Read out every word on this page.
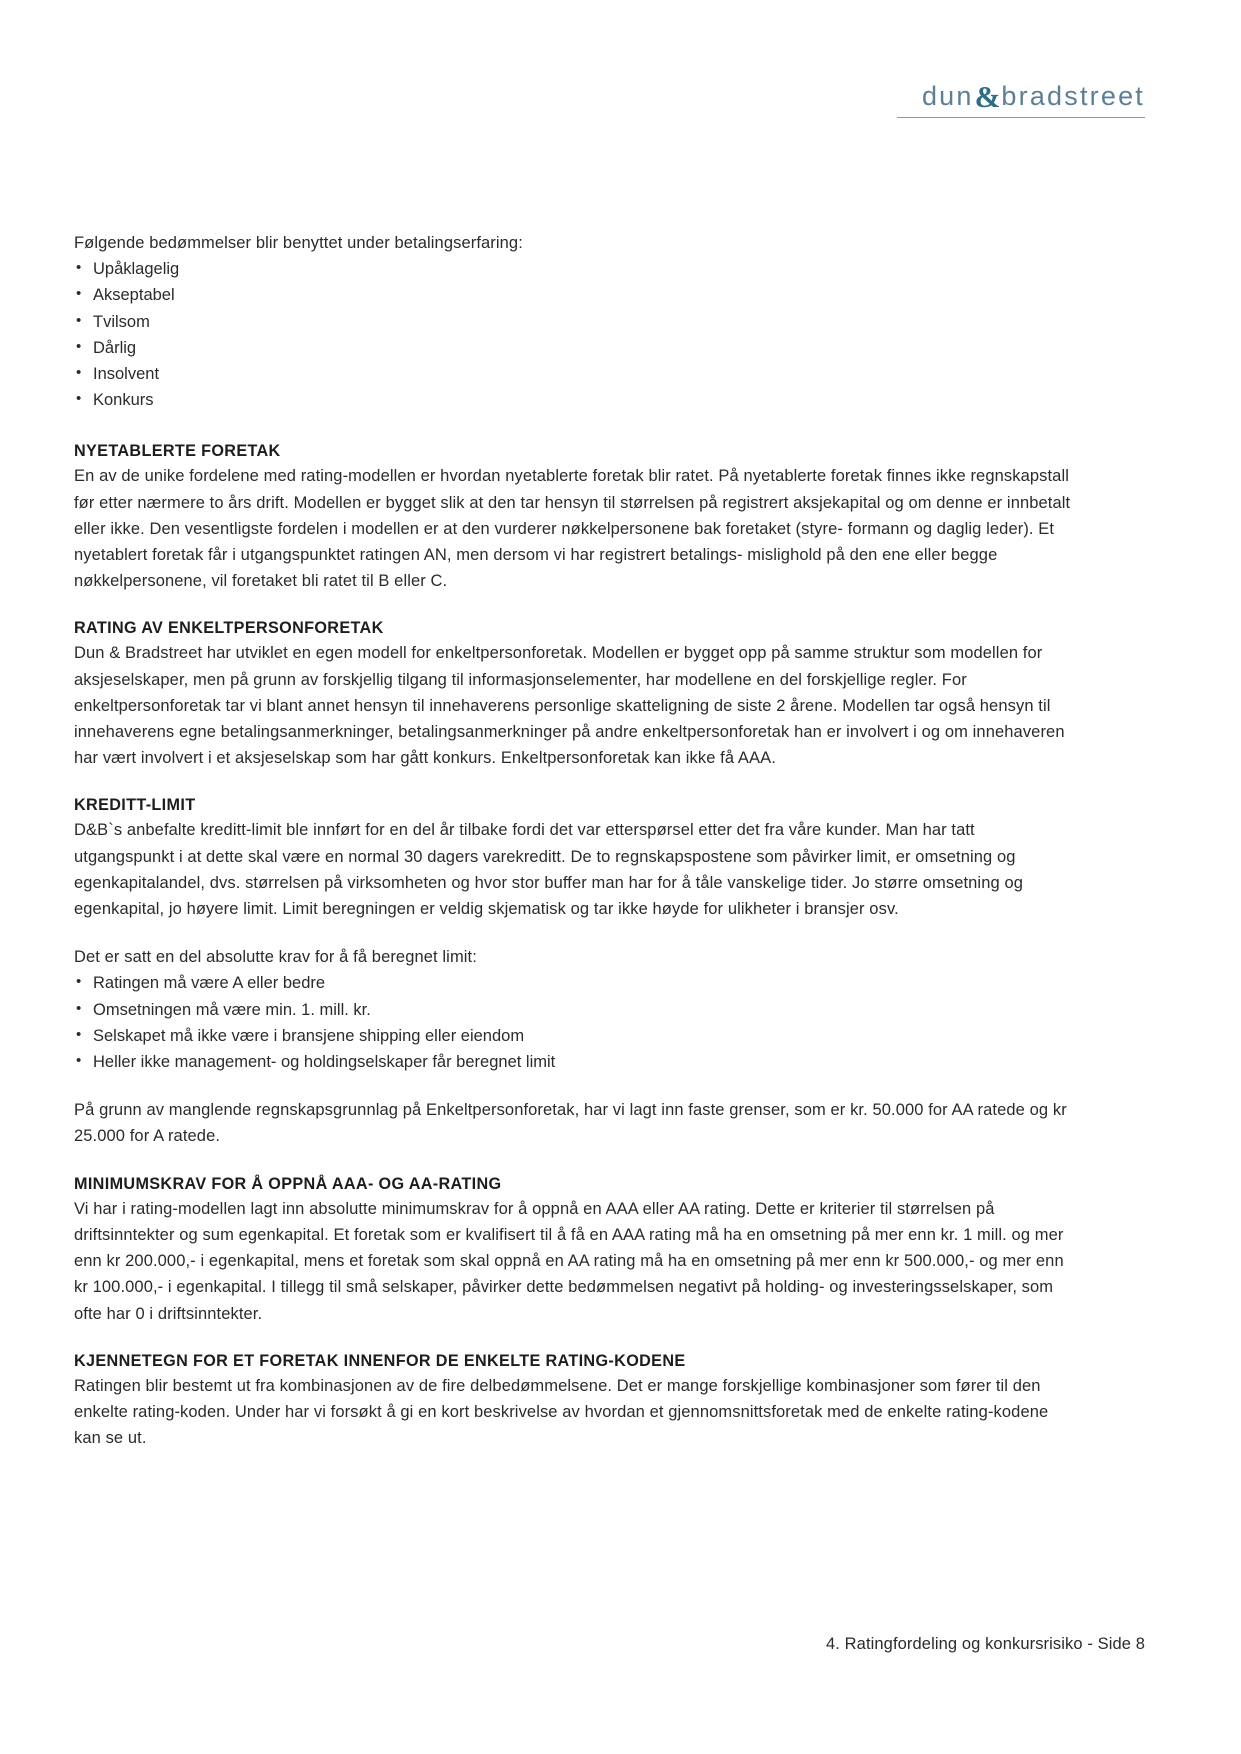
dun & bradstreet

Følgende bedømmelser blir benyttet under betalingserfaring:

• Upåklagelig
• Akseptabel
• Tvilsom
• Dårlig
• Insolvent
• Konkurs

NYETABLERTE FORETAK

En av de unike fordelene med rating-modellen er hvordan nyetablerte foretak blir ratet. På nyetablerte foretak finnes ikke regnskapstall før etter nærmere to års drift. Modellen er bygget slik at den tar hensyn til størrelsen på registrert aksjekapital og om denne er innbetalt eller ikke. Den vesentligste fordelen i modellen er at den vurderer nøkkelpersonene bak foretaket (styre- formann og daglig leder). Et nyetablert foretak får i utgangspunktet ratingen AN, men dersom vi har registrert betalings- mislighold på den ene eller begge nøkkelpersonene, vil foretaket bli ratet til B eller C.

RATING AV ENKELTPERSONFORETAK

Dun & Bradstreet har utviklet en egen modell for enkeltpersonforetak. Modellen er bygget opp på samme struktur som modellen for aksjeselskaper, men på grunn av forskjellig tilgang til informasjonselementer, har modellene en del forskjellige regler. For enkeltpersonforetak tar vi blant annet hensyn til innehaverens personlige skatteligning de siste 2 årene. Modellen tar også hensyn til innehaverens egne betalingsanmerkninger, betalingsanmerkninger på andre enkeltpersonforetak han er involvert i og om innehaveren har vært involvert i et aksjeselskap som har gått konkurs. Enkeltpersonforetak kan ikke få AAA.

KREDITT-LIMIT

D&B`s anbefalte kreditt-limit ble innført for en del år tilbake fordi det var etterspørsel etter det fra våre kunder. Man har tatt utgangspunkt i at dette skal være en normal 30 dagers varekreditt. De to regnskapspostene som påvirker limit, er omsetning og egenkapitalandel, dvs. størrelsen på virksomheten og hvor stor buffer man har for å tåle vanskelige tider. Jo større omsetning og egenkapital, jo høyere limit. Limit beregningen er veldig skjematisk og tar ikke høyde for ulikheter i bransjer osv.

Det er satt en del absolutte krav for å få beregnet limit:

• Ratingen må være A eller bedre
• Omsetningen må være min. 1. mill. kr.
• Selskapet må ikke være i bransjene shipping eller eiendom
• Heller ikke management- og holdingselskaper får beregnet limit

På grunn av manglende regnskapsgrunnlag på Enkeltpersonforetak, har vi lagt inn faste grenser, som er kr. 50.000 for AA ratede og kr 25.000 for A ratede.

MINIMUMSKRAV FOR Å OPPNÅ AAA- OG AA-RATING

Vi har i rating-modellen lagt inn absolutte minimumskrav for å oppnå en AAA eller AA rating. Dette er kriterier til størrelsen på driftsinntekter og sum egenkapital. Et foretak som er kvalifisert til å få en AAA rating må ha en omsetning på mer enn kr. 1 mill. og mer enn kr 200.000,- i egenkapital, mens et foretak som skal oppnå en AA rating må ha en omsetning på mer enn kr 500.000,- og mer enn kr 100.000,- i egenkapital. I tillegg til små selskaper, påvirker dette bedømmelsen negativt på holding- og investeringsselskaper, som ofte har 0 i driftsinntekter.

KJENNETEGN FOR ET FORETAK INNENFOR DE ENKELTE RATING-KODENE

Ratingen blir bestemt ut fra kombinasjonen av de fire delbedømmelsene. Det er mange forskjellige kombinasjoner som fører til den enkelte rating-koden. Under har vi forsøkt å gi en kort beskrivelse av hvordan et gjennomsnittsforetak med de enkelte rating-kodene kan se ut.

4. Ratingfordeling og konkursrisiko - Side 8
